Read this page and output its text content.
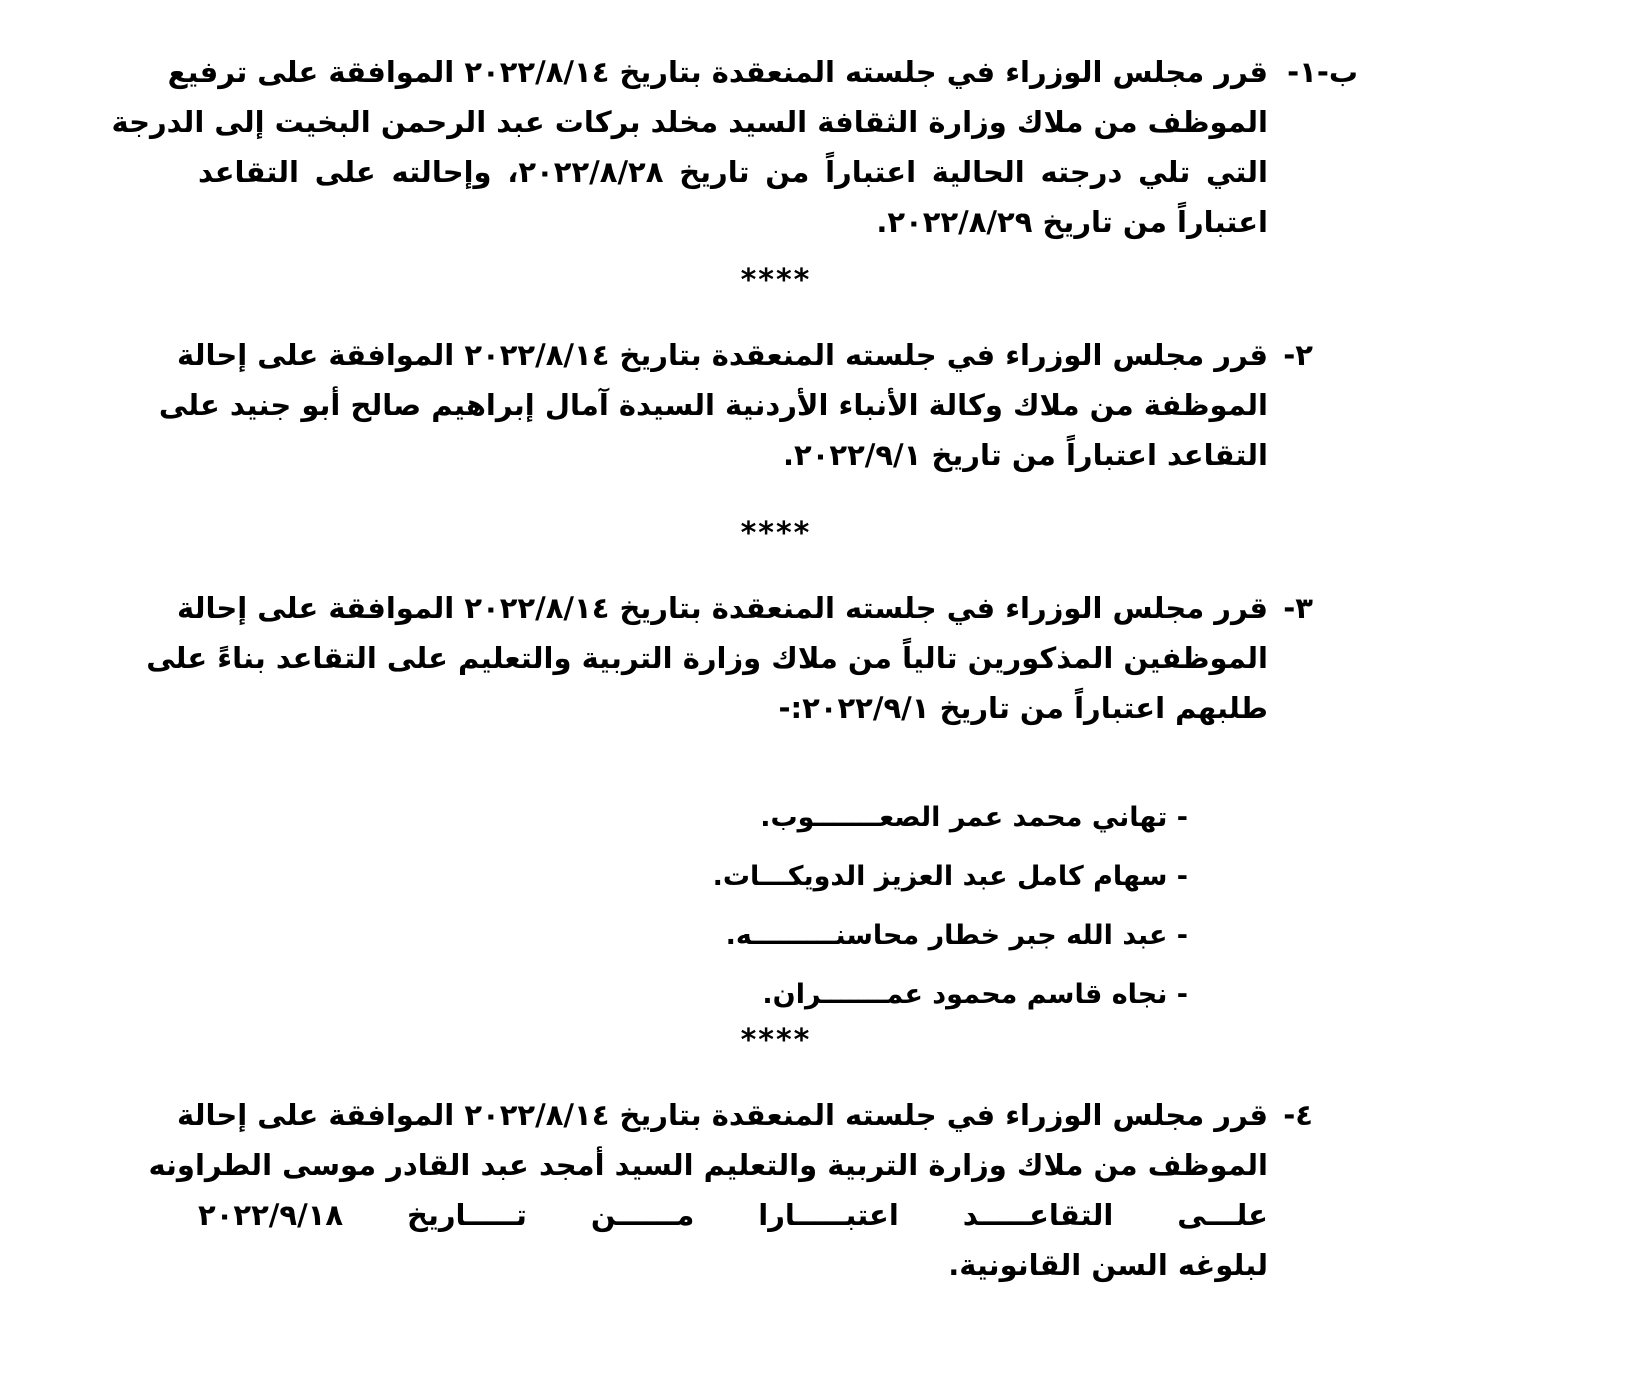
ب-١-

قرر مجلس الوزراء في جلسته المنعقدة بتاريخ ٢٠٢٢/٨/١٤ الموافقة على ترفيع

الموظف من ملاك وزارة الثقافة السيد مخلد بركات عبد الرحمن البخيت إلى الدرجة

التي تلي درجته الحالية اعتباراً من تاريخ ٢٠٢٢/٨/٢٨، وإحالته على التقاعد

اعتباراً من تاريخ ٢٠٢٢/٨/٢٩.

****
٢-

قرر مجلس الوزراء في جلسته المنعقدة بتاريخ ٢٠٢٢/٨/١٤ الموافقة على إحالة

الموظفة من ملاك وكالة الأنباء الأردنية السيدة آمال إبراهيم صالح أبو جنيد على

التقاعد اعتباراً من تاريخ ٢٠٢٢/٩/١.

****
٣-

قرر مجلس الوزراء في جلسته المنعقدة بتاريخ ٢٠٢٢/٨/١٤ الموافقة على إحالة

الموظفين المذكورين تالياً من ملاك وزارة التربية والتعليم على التقاعد بناءً على

طلبهم اعتباراً من تاريخ ٢٠٢٢/٩/١:-

- تهاني محمد عمر الصعـــــــوب.
- سهام كامل عبد العزيز الدويكـــات.
- عبد الله جبر خطار محاسنـــــــــه.
- نجاه قاسم محمود عمـــــــران.
****
٤-

قرر مجلس الوزراء في جلسته المنعقدة بتاريخ ٢٠٢٢/٨/١٤ الموافقة على إحالة

الموظف من ملاك وزارة التربية والتعليم السيد أمجد عبد القادر موسى الطراونه

علـــى التقاعـــــد اعتبـــــارا مــــــن تـــــاريخ ٢٠٢٢/٩/١٨

لبلوغه السن القانونية.
